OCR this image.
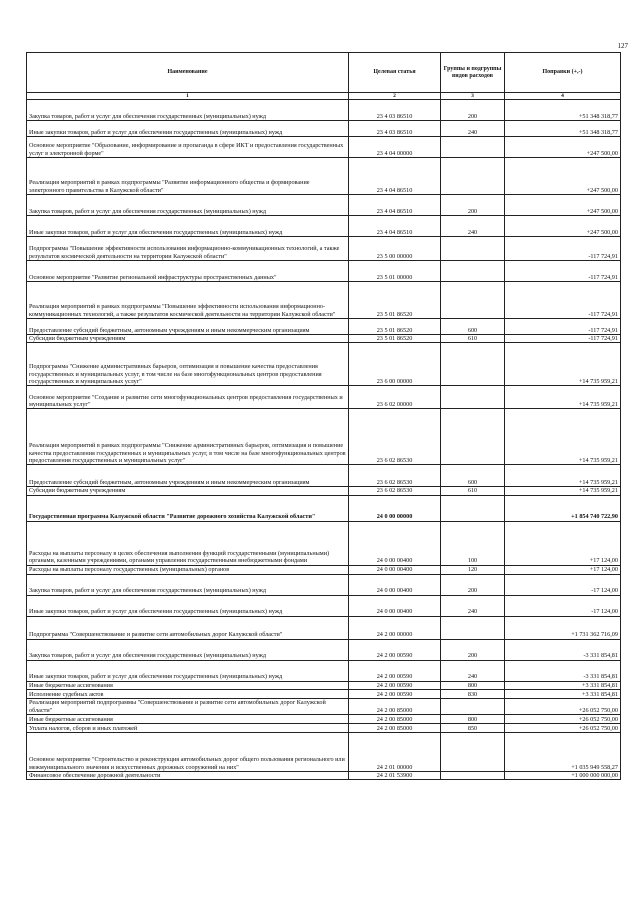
127
Наименование	Целевая статья	Группы и подгруппы видов расходов	Поправки (+,-)
1	2	3	4
Закупка товаров, работ и услуг для обеспечения государственных (муниципальных) нужд	23 4 03 86510	200	+51 348 318,77
Иные закупки товаров, работ и услуг для обеспечения государственных (муниципальных) нужд	23 4 03 86510	240	+51 348 318,77
Основное мероприятие "Образование, информирование и пропаганда в сфере ИКТ и предоставления государственных услуг в электронной форме"	23 4 04 00000		+247 500,00
Реализация мероприятий в рамках подпрограммы "Развитие информационного общества и формирование электронного правительства в Калужской области"	23 4 04 86510		+247 500,00
Закупка товаров, работ и услуг для обеспечения государственных (муниципальных) нужд	23 4 04 86510	200	+247 500,00
Иные закупки товаров, работ и услуг для обеспечения государственных (муниципальных) нужд	23 4 04 86510	240	+247 500,00
Подпрограмма "Повышение эффективности использования информационно-коммуникационных технологий, а также результатов космической деятельности на территории Калужской области"	23 5 00 00000		-117 724,91
Основное мероприятие "Развитие региональной инфраструктуры пространственных данных"	23 5 01 00000		-117 724,91
Реализация мероприятий в рамках подпрограммы "Повышение эффективности использования информационно-коммуникационных технологий, а также результатов космической деятельности на территории Калужской области"	23 5 01 86520		-117 724,91
Предоставление субсидий бюджетным, автономным учреждениям и иным некоммерческим организациям	23 5 01 86520	600	-117 724,91
Субсидии бюджетным учреждениям	23 5 01 86520	610	-117 724,91
Подпрограмма "Снижение административных барьеров, оптимизация и повышение качества предоставления государственных и муниципальных услуг, в том числе на базе многофункциональных центров предоставления государственных и муниципальных услуг"	23 6 00 00000		+14 735 959,21
Основное мероприятие "Создание и развитие сети многофункциональных центров предоставления государственных и муниципальных услуг"	23 6 02 00000		+14 735 959,21
Реализация мероприятий в рамках подпрограммы "Снижение административных барьеров, оптимизация и повышение качества предоставления государственных и муниципальных услуг, в том числе на базе многофункциональных центров предоставления государственных и муниципальных услуг"	23 6 02 86530		+14 735 959,21
Предоставление субсидий бюджетным, автономным учреждениям и иным некоммерческим организациям	23 6 02 86530	600	+14 735 959,21
Субсидии бюджетным учреждениям	23 6 02 86530	610	+14 735 959,21
Государственная программа Калужской области "Развитие дорожного хозяйства Калужской области"	24 0 00 00000		+1 854 740 722,90
Расходы на выплаты персоналу в целях обеспечения выполнения функций государственными (муниципальными) органами, казенными учреждениями, органами управления государственными внебюджетными фондами	24 0 00 00400	100	+17 124,00
Расходы на выплаты персоналу государственных (муниципальных) органов	24 0 00 00400	120	+17 124,00
Закупка товаров, работ и услуг для обеспечения государственных (муниципальных) нужд	24 0 00 00400	200	-17 124,00
Иные закупки товаров, работ и услуг для обеспечения государственных (муниципальных) нужд	24 0 00 00400	240	-17 124,00
Подпрограмма "Совершенствование и развитие сети автомобильных дорог Калужской области"	24 2 00 00000		+1 731 362 716,09
Закупка товаров, работ и услуг для обеспечения государственных (муниципальных) нужд	24 2 00 00590	200	-3 331 854,81
Иные закупки товаров, работ и услуг для обеспечения государственных (муниципальных) нужд	24 2 00 00590	240	-3 331 854,81
Иные бюджетные ассигнования	24 2 00 00590	800	+3 331 854,81
Исполнение судебных актов	24 2 00 00590	830	+3 331 854,81
Реализация мероприятий подпрограммы "Совершенствование и развитие сети автомобильных дорог Калужской области"	24 2 00 85000		+26 052 750,00
Иные бюджетные ассигнования	24 2 00 85000	800	+26 052 750,00
Уплата налогов, сборов и иных платежей	24 2 00 85000	850	+26 052 750,00
Основное мероприятие "Строительство и реконструкция автомобильных дорог общего пользования регионального или межмуниципального значения и искусственных дорожных сооружений на них"	24 2 01 00000		+1 035 949 558,27
Финансовое обеспечение дорожной деятельности	24 2 01 53900		+1 000 000 000,00
